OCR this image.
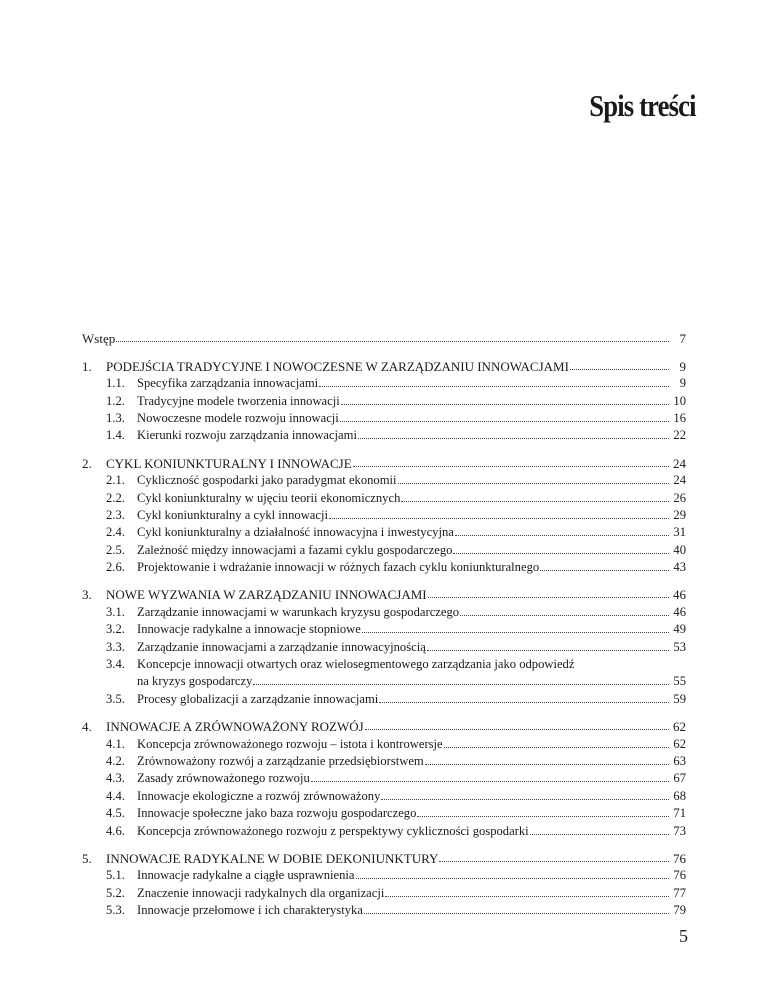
Spis treści
Wstęp	7
1.	PODEJŚCIA TRADYCYJNE I NOWOCZESNE W ZARZĄDZANIU INNOWACJAMI	9
1.1. Specyfika zarządzania innowacjami	9
1.2. Tradycyjne modele tworzenia innowacji	10
1.3. Nowoczesne modele rozwoju innowacji	16
1.4. Kierunki rozwoju zarządzania innowacjami	22
2.	CYKL KONIUNKTURALNY I INNOWACJE	24
2.1. Cykliczność gospodarki jako paradygmat ekonomii	24
2.2. Cykl koniunkturalny w ujęciu teorii ekonomicznych	26
2.3. Cykl koniunkturalny a cykl innowacji	29
2.4. Cykl koniunkturalny a działalność innowacyjna i inwestycyjna	31
2.5. Zależność między innowacjami a fazami cyklu gospodarczego	40
2.6. Projektowanie i wdrażanie innowacji w różnych fazach cyklu koniunkturalnego	43
3.	NOWE WYZWANIA W ZARZĄDZANIU INNOWACJAMI	46
3.1. Zarządzanie innowacjami w warunkach kryzysu gospodarczego	46
3.2. Innowacje radykalne a innowacje stopniowe	49
3.3. Zarządzanie innowacjami a zarządzanie innowacyjnością	53
3.4. Koncepcje innowacji otwartych oraz wielosegmentowego zarządzania jako odpowiedź
na kryzys gospodarczy	55
3.5. Procesy globalizacji a zarządzanie innowacjami	59
4.	INNOWACJE A ZRÓWNOWAŻONY ROZWÓJ	62
4.1. Koncepcja zrównoważonego rozwoju – istota i kontrowersje	62
4.2. Zrównoważony rozwój a zarządzanie przedsiębiorstwem	63
4.3. Zasady zrównoważonego rozwoju	67
4.4. Innowacje ekologiczne a rozwój zrównoważony	68
4.5. Innowacje społeczne jako baza rozwoju gospodarczego	71
4.6. Koncepcja zrównoważonego rozwoju z perspektywy cykliczności gospodarki	73
5.	INNOWACJE RADYKALNE W DOBIE DEKONIUNKTURY	76
5.1. Innowacje radykalne a ciągłe usprawnienia	76
5.2. Znaczenie innowacji radykalnych dla organizacji	77
5.3. Innowacje przełomowe i ich charakterystyka	79
5
